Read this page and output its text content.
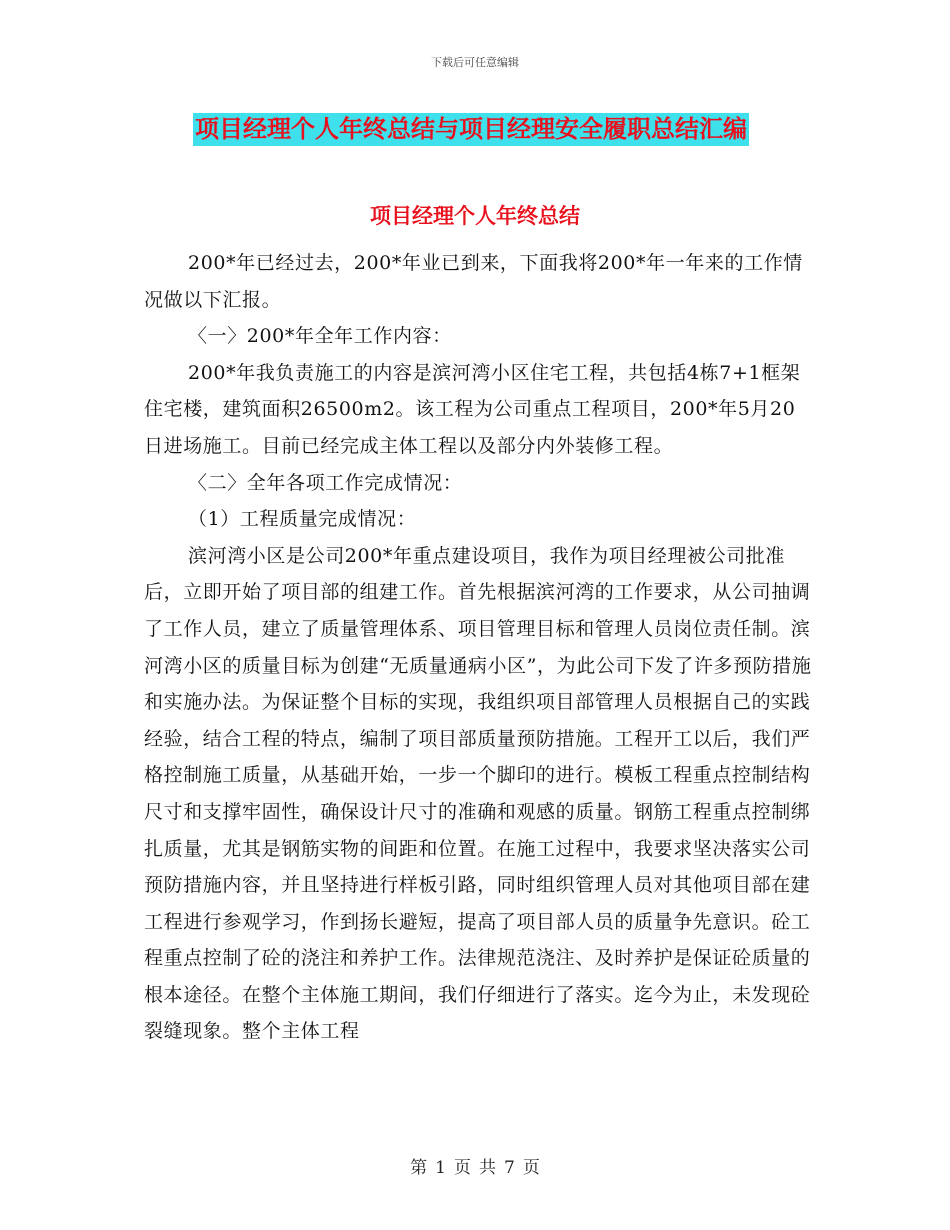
下载后可任意编辑
项目经理个人年终总结与项目经理安全履职总结汇编
项目经理个人年终总结

200*年已经过去，200*年业已到来，下面我将200*年一年来的工作情况做以下汇报。

〈一〉200*年全年工作内容：

200*年我负责施工的内容是滨河湾小区住宅工程，共包括4栋7+1框架住宅楼，建筑面积26500m2。该工程为公司重点工程项目，200*年5月20日进场施工。目前已经完成主体工程以及部分内外装修工程。

〈二〉全年各项工作完成情况：

（1）工程质量完成情况：

滨河湾小区是公司200*年重点建设项目，我作为项目经理被公司批准后，立即开始了项目部的组建工作。首先根据滨河湾的工作要求，从公司抽调了工作人员，建立了质量管理体系、项目管理目标和管理人员岗位责任制。滨河湾小区的质量目标为创建“无质量通病小区”，为此公司下发了许多预防措施和实施办法。为保证整个目标的实现，我组织项目部管理人员根据自己的实践经验，结合工程的特点，编制了项目部质量预防措施。工程开工以后，我们严格控制施工质量，从基础开始，一步一个脚印的进行。模板工程重点控制结构尺寸和支撑牢固性，确保设计尺寸的准确和观感的质量。钢筋工程重点控制绑扎质量，尤其是钢筋实物的间距和位置。在施工过程中，我要求坚决落实公司预防措施内容，并且坚持进行样板引路，同时组织管理人员对其他项目部在建工程进行参观学习，作到扬长避短，提高了项目部人员的质量争先意识。砼工程重点控制了砼的浇注和养护工作。法律规范浇注、及时养护是保证砼质量的根本途径。在整个主体施工期间，我们仔细进行了落实。迄今为止，未发现砼裂缝现象。整个主体工程

第 1 页 共 7 页
